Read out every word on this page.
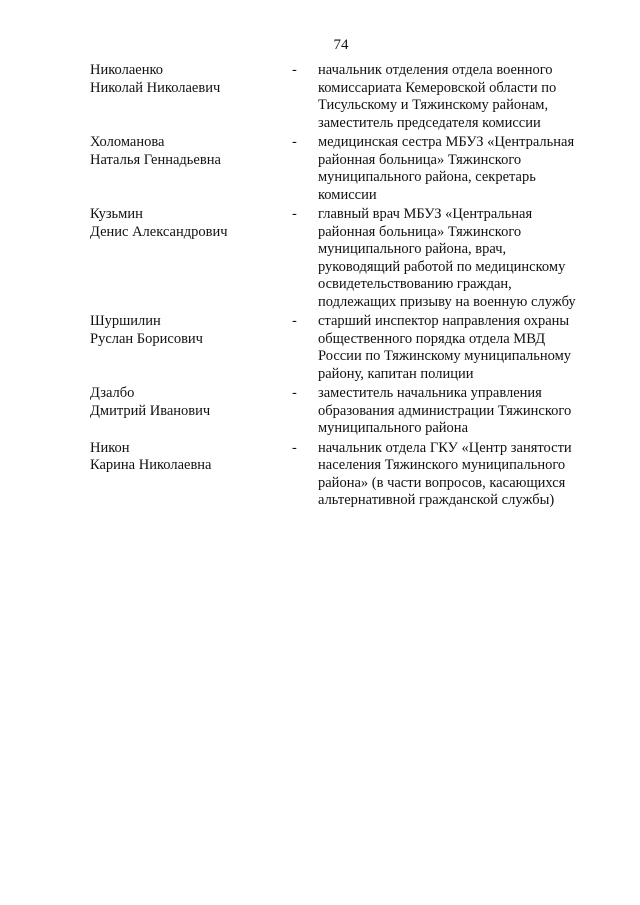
74
Николаенко
Николай Николаевич
-	начальник отделения отдела военного
комиссариата Кемеровской области по
Тисульскому и Тяжинскому районам,
заместитель председателя комиссии
Холоманова
Наталья Геннадьевна
-	медицинская сестра МБУЗ «Центральная
районная больница» Тяжинского
муниципального района, секретарь
комиссии
Кузьмин
Денис Александрович
-	главный врач МБУЗ «Центральная
районная больница» Тяжинского
муниципального района, врач,
руководящий работой по медицинскому
освидетельствованию граждан,
подлежащих призыву на военную службу
Шуршилин
Руслан Борисович
-	старший инспектор направления охраны
общественного порядка отдела МВД
России по Тяжинскому муниципальному
району, капитан полиции
Дзалбо
Дмитрий Иванович
-	заместитель начальника управления
образования администрации Тяжинского
муниципального района
Никон
Карина Николаевна
-	начальник отдела ГКУ «Центр занятости
населения Тяжинского муниципального
района» (в части вопросов, касающихся
альтернативной гражданской службы)
